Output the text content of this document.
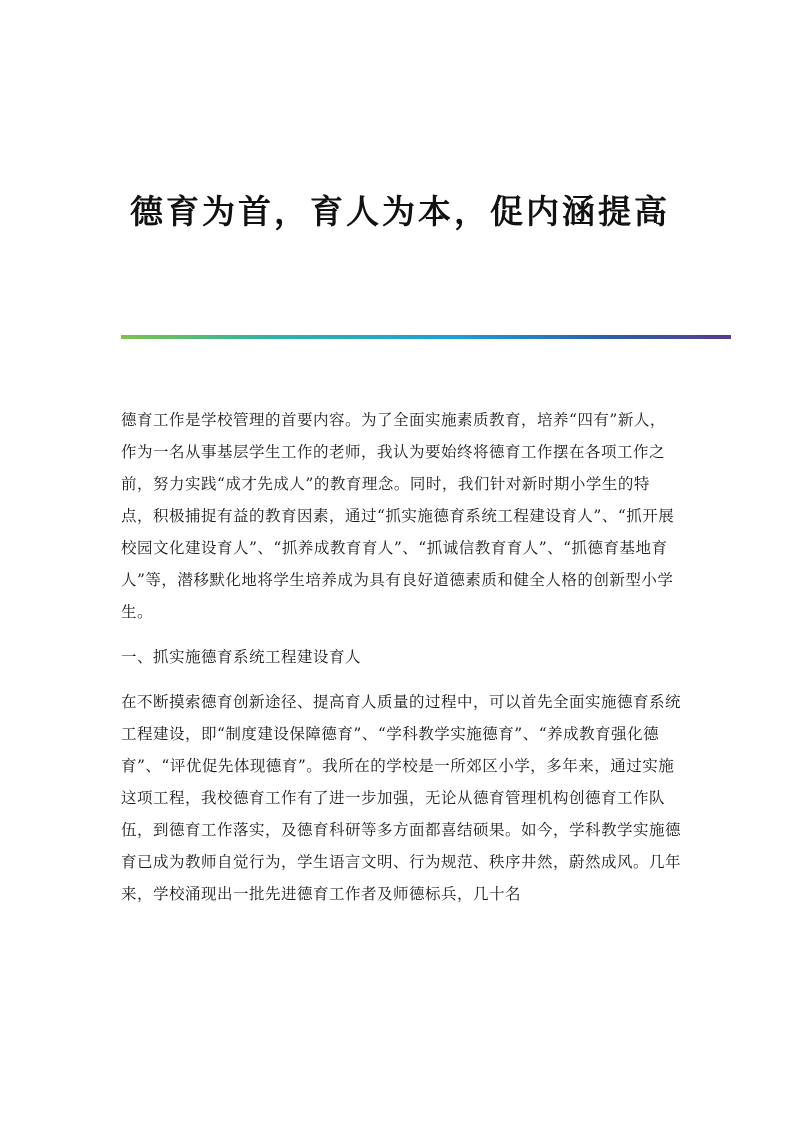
德育为首，育人为本，促内涵提高

德育工作是学校管理的首要内容。为了全面实施素质教育，培养“四有”新人，作为一名从事基层学生工作的老师，我认为要始终将德育工作摆在各项工作之前，努力实践“成才先成人”的教育理念。同时，我们针对新时期小学生的特点，积极捕捉有益的教育因素，通过“抓实施德育系统工程建设育人”、“抓开展校园文化建设育人”、“抓养成教育育人”、“抓诚信教育育人”、“抓德育基地育人”等，潜移默化地将学生培养成为具有良好道德素质和健全人格的创新型小学生。

一、抓实施德育系统工程建设育人

在不断摸索德育创新途径、提高育人质量的过程中，可以首先全面实施德育系统工程建设，即“制度建设保障德育”、“学科教学实施德育”、“养成教育强化德育”、“评优促先体现德育”。我所在的学校是一所郊区小学，多年来，通过实施这项工程，我校德育工作有了进一步加强，无论从德育管理机构创德育工作队伍，到德育工作落实，及德育科研等多方面都喜结硕果。如今，学科教学实施德育已成为教师自觉行为，学生语言文明、行为规范、秩序井然，蔚然成风。几年来，学校涌现出一批先进德育工作者及师德标兵，几十名
